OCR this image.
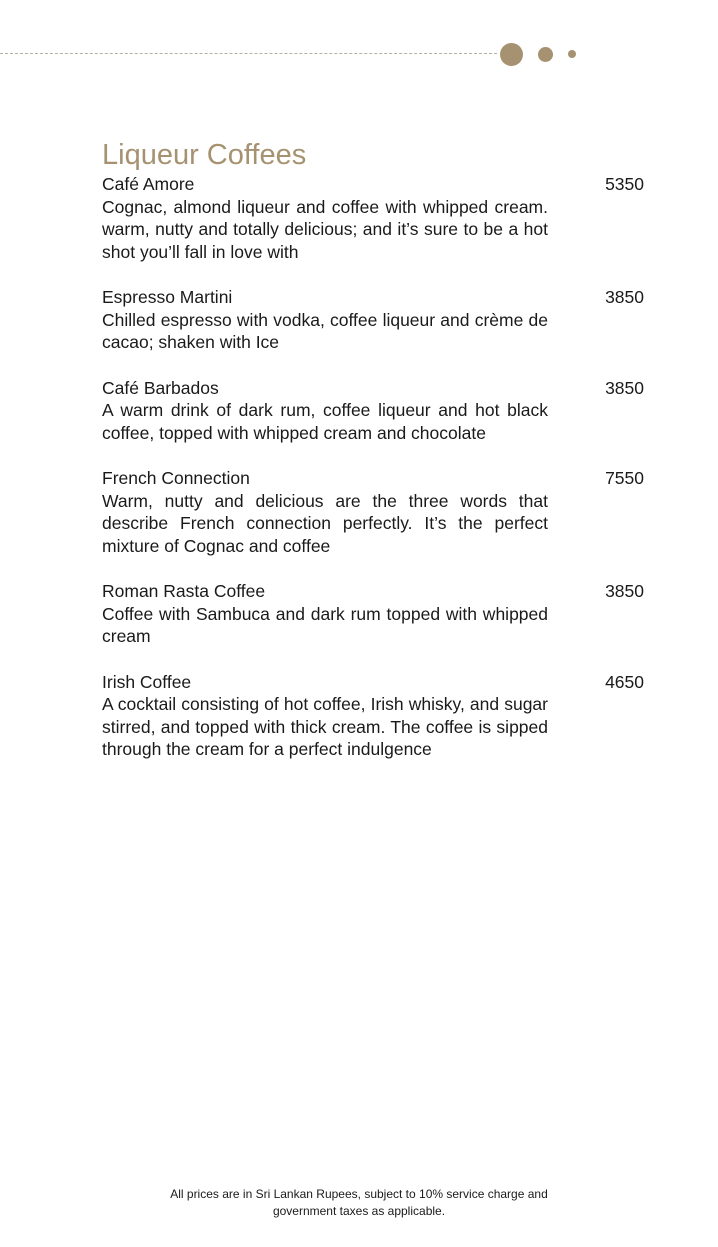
Liqueur Coffees
Café Amore
Cognac, almond liqueur and coffee with whipped cream. warm, nutty and totally delicious; and it’s sure to be a hot shot you’ll fall in love with
5350
Espresso Martini
Chilled espresso with vodka, coffee liqueur and crème de cacao; shaken with Ice
3850
Café Barbados
A warm drink of dark rum, coffee liqueur and hot black coffee, topped with whipped cream and chocolate
3850
French Connection
Warm, nutty and delicious are the three words that describe French connection perfectly. It’s the perfect mixture of Cognac and coffee
7550
Roman Rasta Coffee
Coffee with Sambuca and dark rum topped with whipped cream
3850
Irish Coffee
A cocktail consisting of hot coffee, Irish whisky, and sugar stirred, and topped with thick cream. The coffee is sipped through the cream for a perfect indulgence
4650
All prices are in Sri Lankan Rupees, subject to 10% service charge and
government taxes as applicable.
